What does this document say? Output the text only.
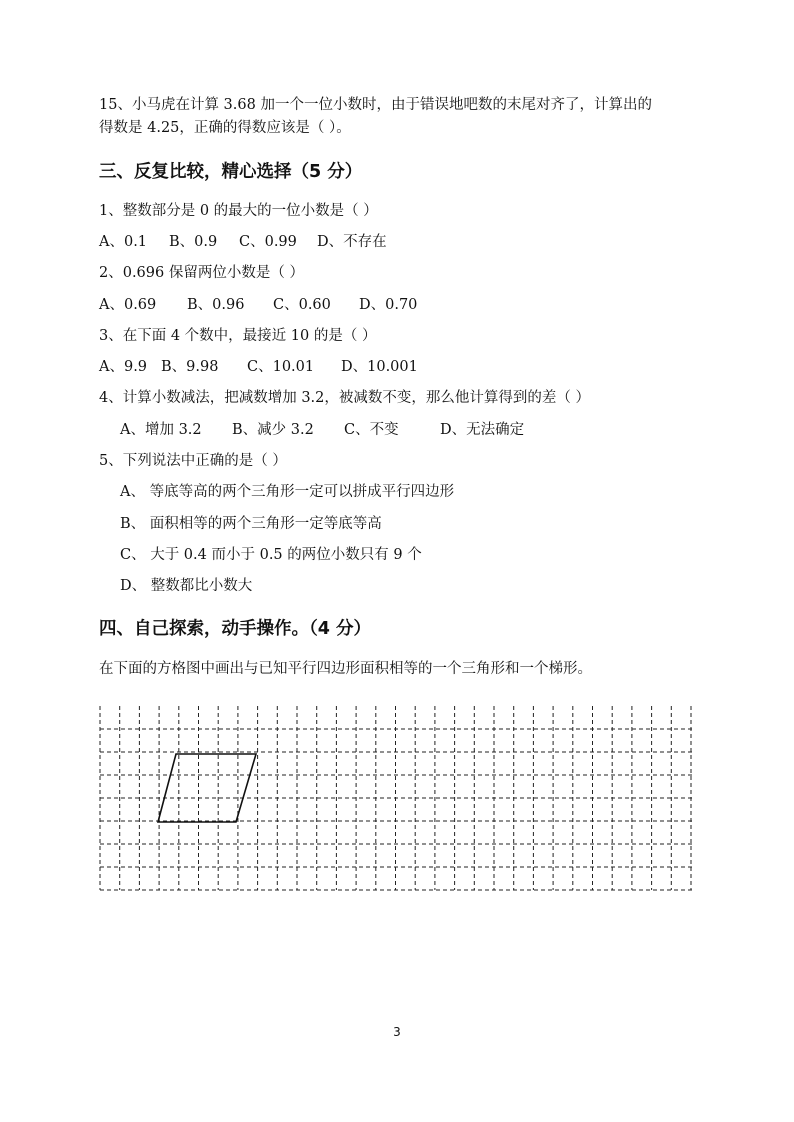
15、小马虎在计算 3.68 加一个一位小数时，由于错误地吧数的末尾对齐了，计算出的
得数是 4.25，正确的得数应该是（ ）。
三、反复比较，精心选择（5 分）
1、整数部分是 0 的最大的一位小数是（ ）
A、0.1 B、0.9 C、0.99 D、不存在
2、0.696 保留两位小数是（ ）
A、0.69 B、0.96 C、0.60 D、0.70
3、在下面 4 个数中，最接近 10 的是（ ）
A、9.9 B、9.98 C、10.01 D、10.001
4、计算小数减法，把减数增加 3.2，被减数不变，那么他计算得到的差（ ）
A、增加 3.2 B、减少 3.2 C、不变	D、无法确定
5、下列说法中正确的是（ ）
A、 等底等高的两个三角形一定可以拼成平行四边形
B、 面积相等的两个三角形一定等底等高
C、 大于 0.4 而小于 0.5 的两位小数只有 9 个
D、 整数都比小数大
四、自己探索，动手操作。（4 分）
在下面的方格图中画出与已知平行四边形面积相等的一个三角形和一个梯形。
3
